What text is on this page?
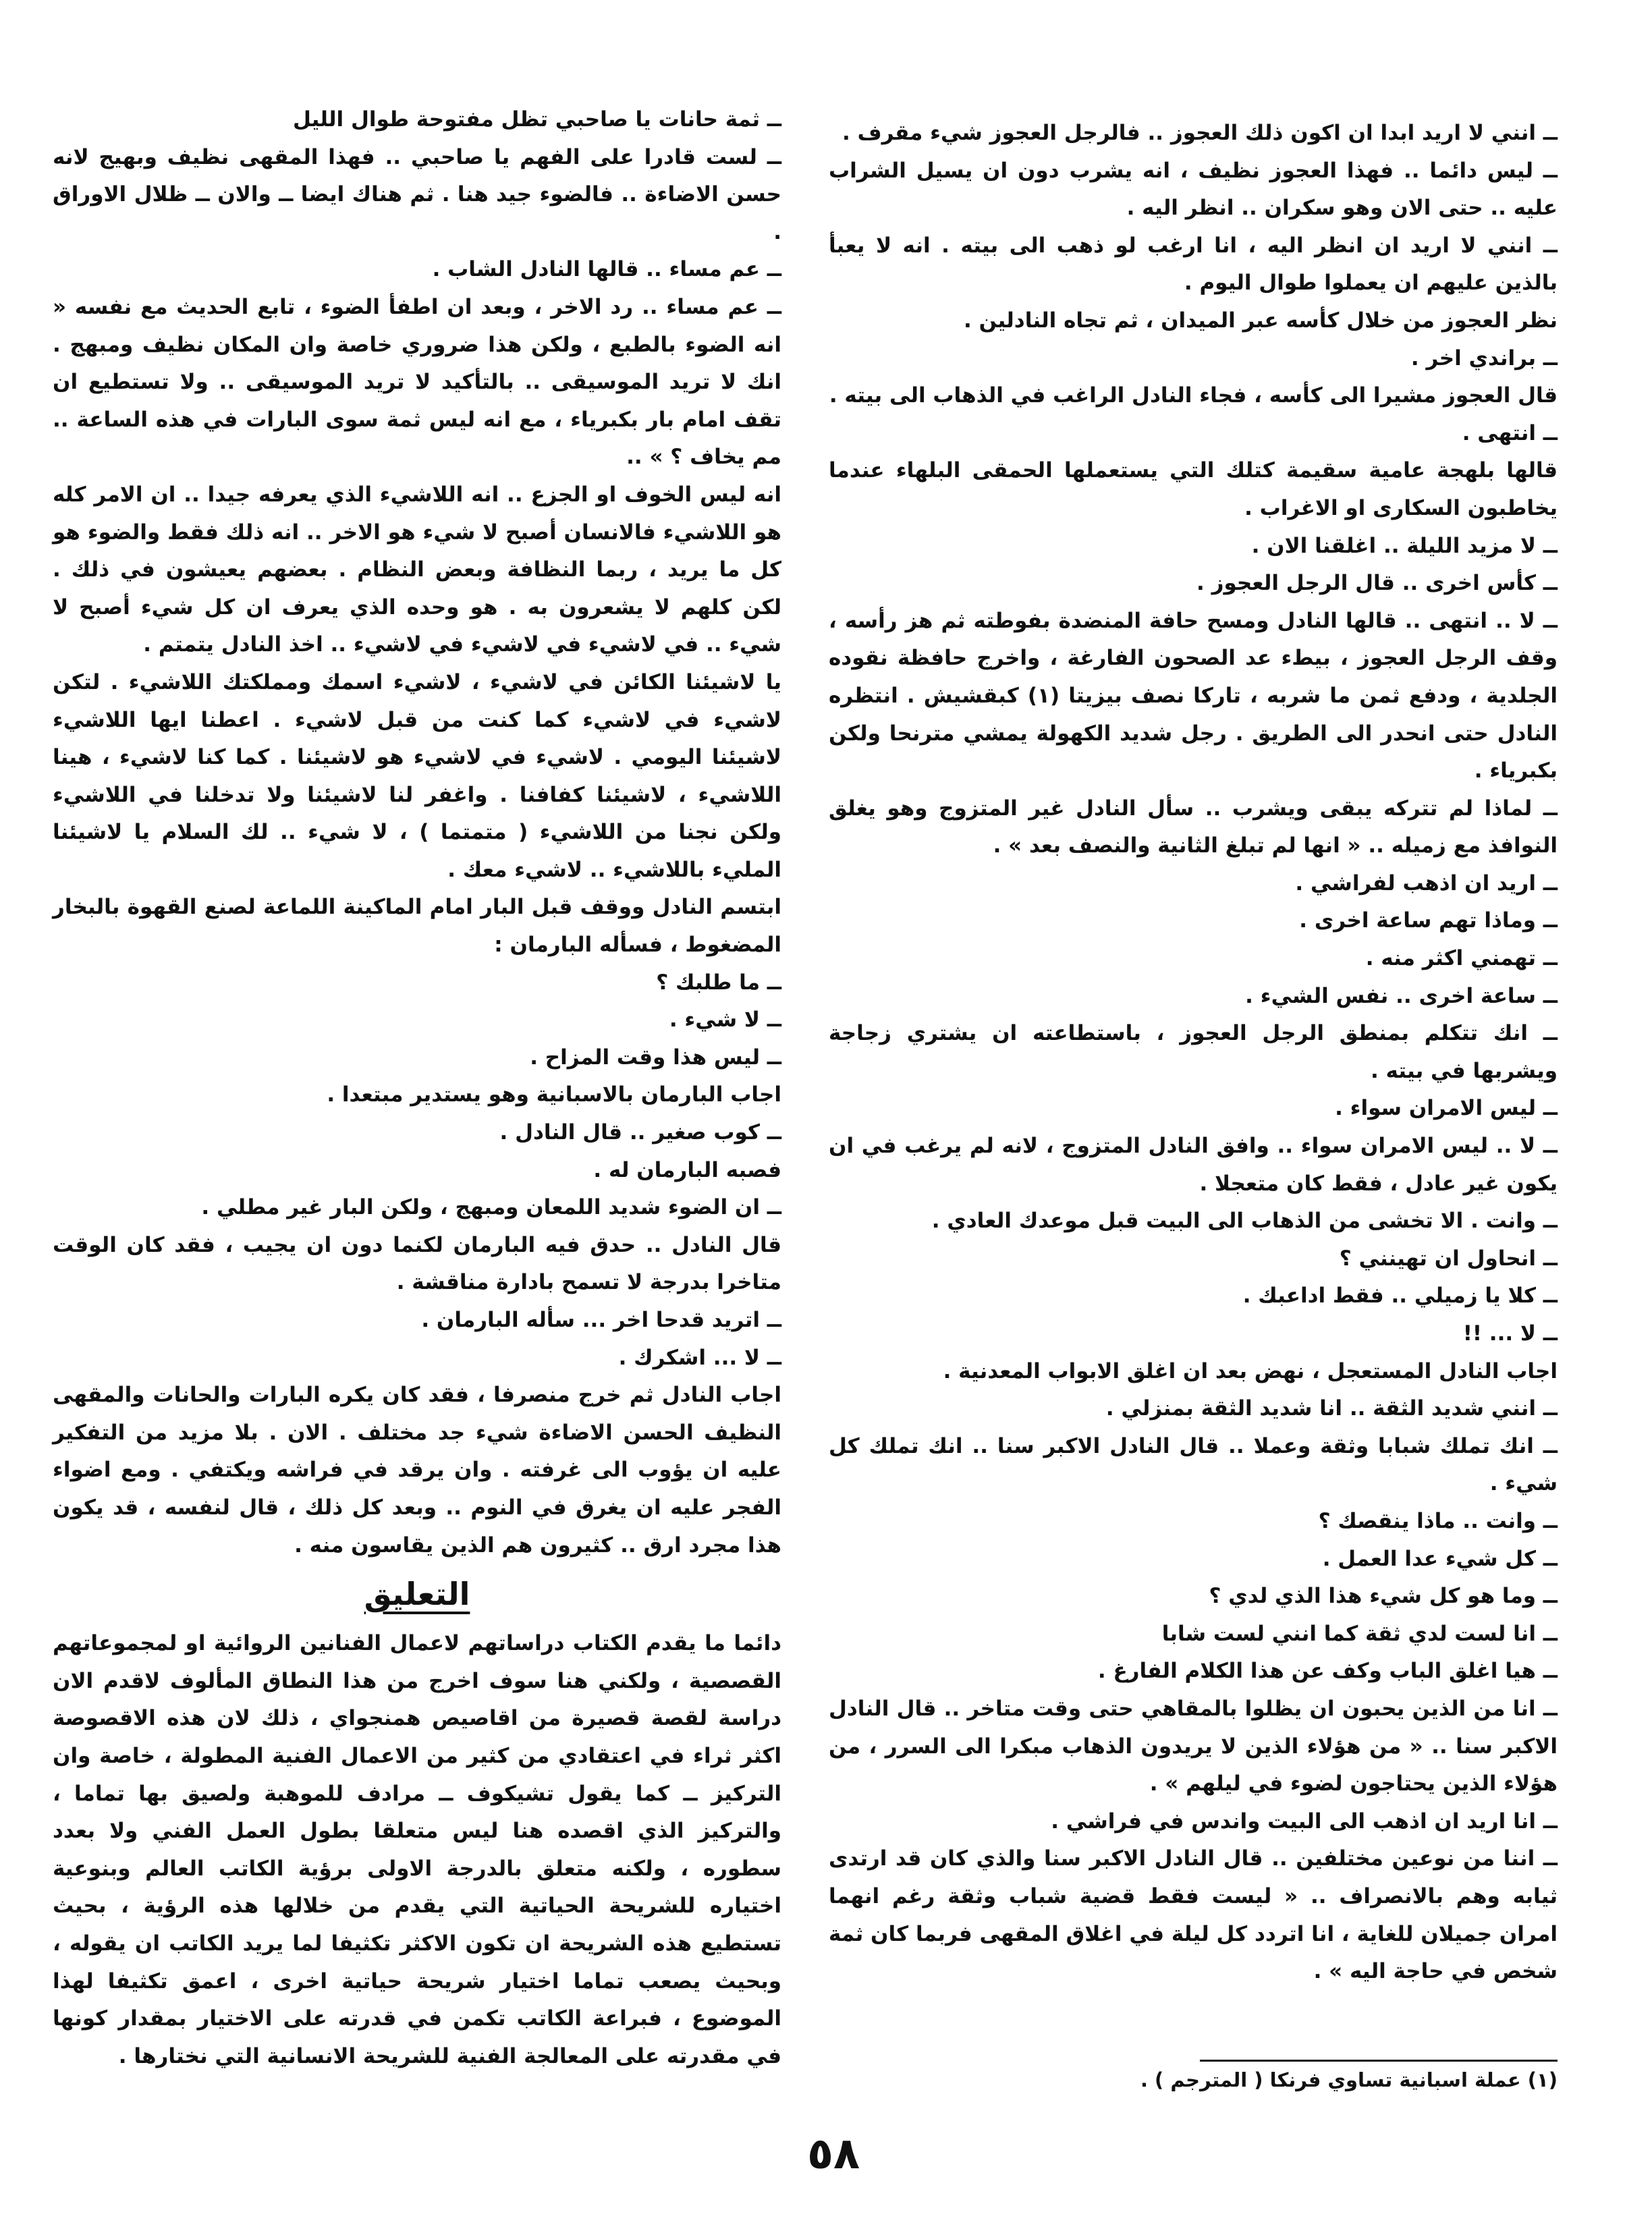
ــ انني لا اريد ابدا ان اكون ذلك العجوز .. فالرجل العجوز شيء مقرف .

ــ ليس دائما .. فهذا العجوز نظيف ، انه يشرب دون ان يسيل الشراب عليه .. حتى الان وهو سكران .. انظر اليه .

ــ انني لا اريد ان انظر اليه ، انا ارغب لو ذهب الى بيته . انه لا يعبأ بالذين عليهم ان يعملوا طوال اليوم .

نظر العجوز من خلال كأسه عبر الميدان ، ثم تجاه النادلين .

ــ براندي اخر .

قال العجوز مشيرا الى كأسه ، فجاء النادل الراغب في الذهاب الى بيته .

ــ انتهى .

قالها بلهجة عامية سقيمة كتلك التي يستعملها الحمقى البلهاء عندما يخاطبون السكارى او الاغراب .

ــ لا مزيد الليلة .. اغلقنا الان .

ــ كأس اخرى .. قال الرجل العجوز .

ــ لا .. انتهى .. قالها النادل ومسح حافة المنضدة بفوطته ثم هز رأسه ، وقف الرجل العجوز ، بيطء عد الصحون الفارغة ، واخرج حافظة نقوده الجلدية ، ودفع ثمن ما شربه ، تاركا نصف بيزيتا (١) كبقشيش . انتظره النادل حتى انحدر الى الطريق . رجل شديد الكهولة يمشي مترنحا ولكن بكبرياء .

ــ لماذا لم تتركه يبقى ويشرب .. سأل النادل غير المتزوج وهو يغلق النوافذ مع زميله .. « انها لم تبلغ الثانية والنصف بعد » .

ــ اريد ان اذهب لفراشي .

ــ وماذا تهم ساعة اخرى .

ــ تهمني اكثر منه .

ــ ساعة اخرى .. نفس الشيء .

ــ انك تتكلم بمنطق الرجل العجوز ، باستطاعته ان يشتري زجاجة ويشربها في بيته .

ــ ليس الامران سواء .

ــ لا .. ليس الامران سواء .. وافق النادل المتزوج ، لانه لم يرغب في ان يكون غير عادل ، فقط كان متعجلا .

ــ وانت . الا تخشى من الذهاب الى البيت قبل موعدك العادي .

ــ انحاول ان تهينني ؟

ــ كلا يا زميلي .. فقط اداعبك .

ــ لا ... !!

اجاب النادل المستعجل ، نهض بعد ان اغلق الابواب المعدنية .

ــ انني شديد الثقة .. انا شديد الثقة بمنزلي .

ــ انك تملك شبابا وثقة وعملا .. قال النادل الاكبر سنا .. انك تملك كل شيء .

ــ وانت .. ماذا ينقصك ؟

ــ كل شيء عدا العمل .

ــ وما هو كل شيء هذا الذي لدي ؟

ــ انا لست لدي ثقة كما انني لست شابا

ــ هيا اغلق الباب وكف عن هذا الكلام الفارغ .

ــ انا من الذين يحبون ان يظلوا بالمقاهي حتى وقت متاخر .. قال النادل الاكبر سنا .. « من هؤلاء الذين لا يريدون الذهاب مبكرا الى السرر ، من هؤلاء الذين يحتاجون لضوء في ليلهم » .

ــ انا اريد ان اذهب الى البيت واندس في فراشي .

ــ اننا من نوعين مختلفين .. قال النادل الاكبر سنا والذي كان قد ارتدى ثيابه وهم بالانصراف .. « ليست فقط قضية شباب وثقة رغم انهما امران جميلان للغاية ، انا اتردد كل ليلة في اغلاق المقهى فربما كان ثمة شخص في حاجة اليه » .

ــ ثمة حانات يا صاحبي تظل مفتوحة طوال الليل

ــ لست قادرا على الفهم يا صاحبي .. فهذا المقهى نظيف وبهيج لانه حسن الاضاءة .. فالضوء جيد هنا . ثم هناك ايضا ــ والان ــ ظلال الاوراق .

ــ عم مساء .. قالها النادل الشاب .

ــ عم مساء .. رد الاخر ، وبعد ان اطفأ الضوء ، تابع الحديث مع نفسه « انه الضوء بالطبع ، ولكن هذا ضروري خاصة وان المكان نظيف ومبهج . انك لا تريد الموسيقى .. بالتأكيد لا تريد الموسيقى .. ولا تستطيع ان تقف امام بار بكبرياء ، مع انه ليس ثمة سوى البارات في هذه الساعة .. مم يخاف ؟ » ..

انه ليس الخوف او الجزع .. انه اللاشيء الذي يعرفه جيدا .. ان الامر كله هو اللاشيء فالانسان أصبح لا شيء هو الاخر .. انه ذلك فقط والضوء هو كل ما يريد ، ربما النظافة وبعض النظام . بعضهم يعيشون في ذلك . لكن كلهم لا يشعرون به . هو وحده الذي يعرف ان كل شيء أصبح لا شيء .. في لاشيء في لاشيء في لاشيء .. اخذ النادل يتمتم .

يا لاشيئنا الكائن في لاشيء ، لاشيء اسمك ومملكتك اللاشيء . لتكن لاشيء في لاشيء كما كنت من قبل لاشيء . اعطنا ايها اللاشيء لاشيئنا اليومي . لاشيء في لاشيء هو لاشيئنا . كما كنا لاشيء ، هينا اللاشيء ، لاشيئنا كفافنا . واغفر لنا لاشيئنا ولا تدخلنا في اللاشيء ولكن نجنا من اللاشيء ( متمتما ) ، لا شيء .. لك السلام يا لاشيئنا المليء باللاشيء .. لاشيء معك .

ابتسم النادل ووقف قبل البار امام الماكينة اللماعة لصنع القهوة بالبخار المضغوط ، فسأله البارمان :

ــ ما طلبك ؟

ــ لا شيء .

ــ ليس هذا وقت المزاح .

اجاب البارمان بالاسبانية وهو يستدير مبتعدا .

ــ كوب صغير .. قال النادل .

فصبه البارمان له .

ــ ان الضوء شديد اللمعان ومبهج ، ولكن البار غير مطلي .

قال النادل .. حدق فيه البارمان لكنما دون ان يجيب ، فقد كان الوقت متاخرا بدرجة لا تسمح بادارة مناقشة .

ــ اتريد قدحا اخر ... سأله البارمان .

ــ لا ... اشكرك .

اجاب النادل ثم خرج منصرفا ، فقد كان يكره البارات والحانات والمقهى النظيف الحسن الاضاءة شيء جد مختلف . الان . بلا مزيد من التفكير عليه ان يؤوب الى غرفته . وان يرقد في فراشه ويكتفي . ومع اضواء الفجر عليه ان يغرق في النوم .. وبعد كل ذلك ، قال لنفسه ، قد يكون هذا مجرد ارق .. كثيرون هم الذين يقاسون منه .

التعليق

دائما ما يقدم الكتاب دراساتهم لاعمال الفنانين الروائية او لمجموعاتهم القصصية ، ولكني هنا سوف اخرج من هذا النطاق المألوف لاقدم الان دراسة لقصة قصيرة من اقاصيص همنجواي ، ذلك لان هذه الاقصوصة اكثر ثراء في اعتقادي من كثير من الاعمال الفنية المطولة ، خاصة وان التركيز ــ كما يقول تشيكوف ــ مرادف للموهبة ولصيق بها تماما ، والتركيز الذي اقصده هنا ليس متعلقا بطول العمل الفني ولا بعدد سطوره ، ولكنه متعلق بالدرجة الاولى برؤية الكاتب العالم وبنوعية اختياره للشريحة الحياتية التي يقدم من خلالها هذه الرؤية ، بحيث تستطيع هذه الشريحة ان تكون الاكثر تكثيفا لما يريد الكاتب ان يقوله ، وبحيث يصعب تماما اختيار شريحة حياتية اخرى ، اعمق تكثيفا لهذا الموضوع ، فبراعة الكاتب تكمن في قدرته على الاختيار بمقدار كونها في مقدرته على المعالجة الفنية للشريحة الانسانية التي نختارها .

(١) عملة اسبانية تساوي فرنكا ( المترجم ) .

٥٨
